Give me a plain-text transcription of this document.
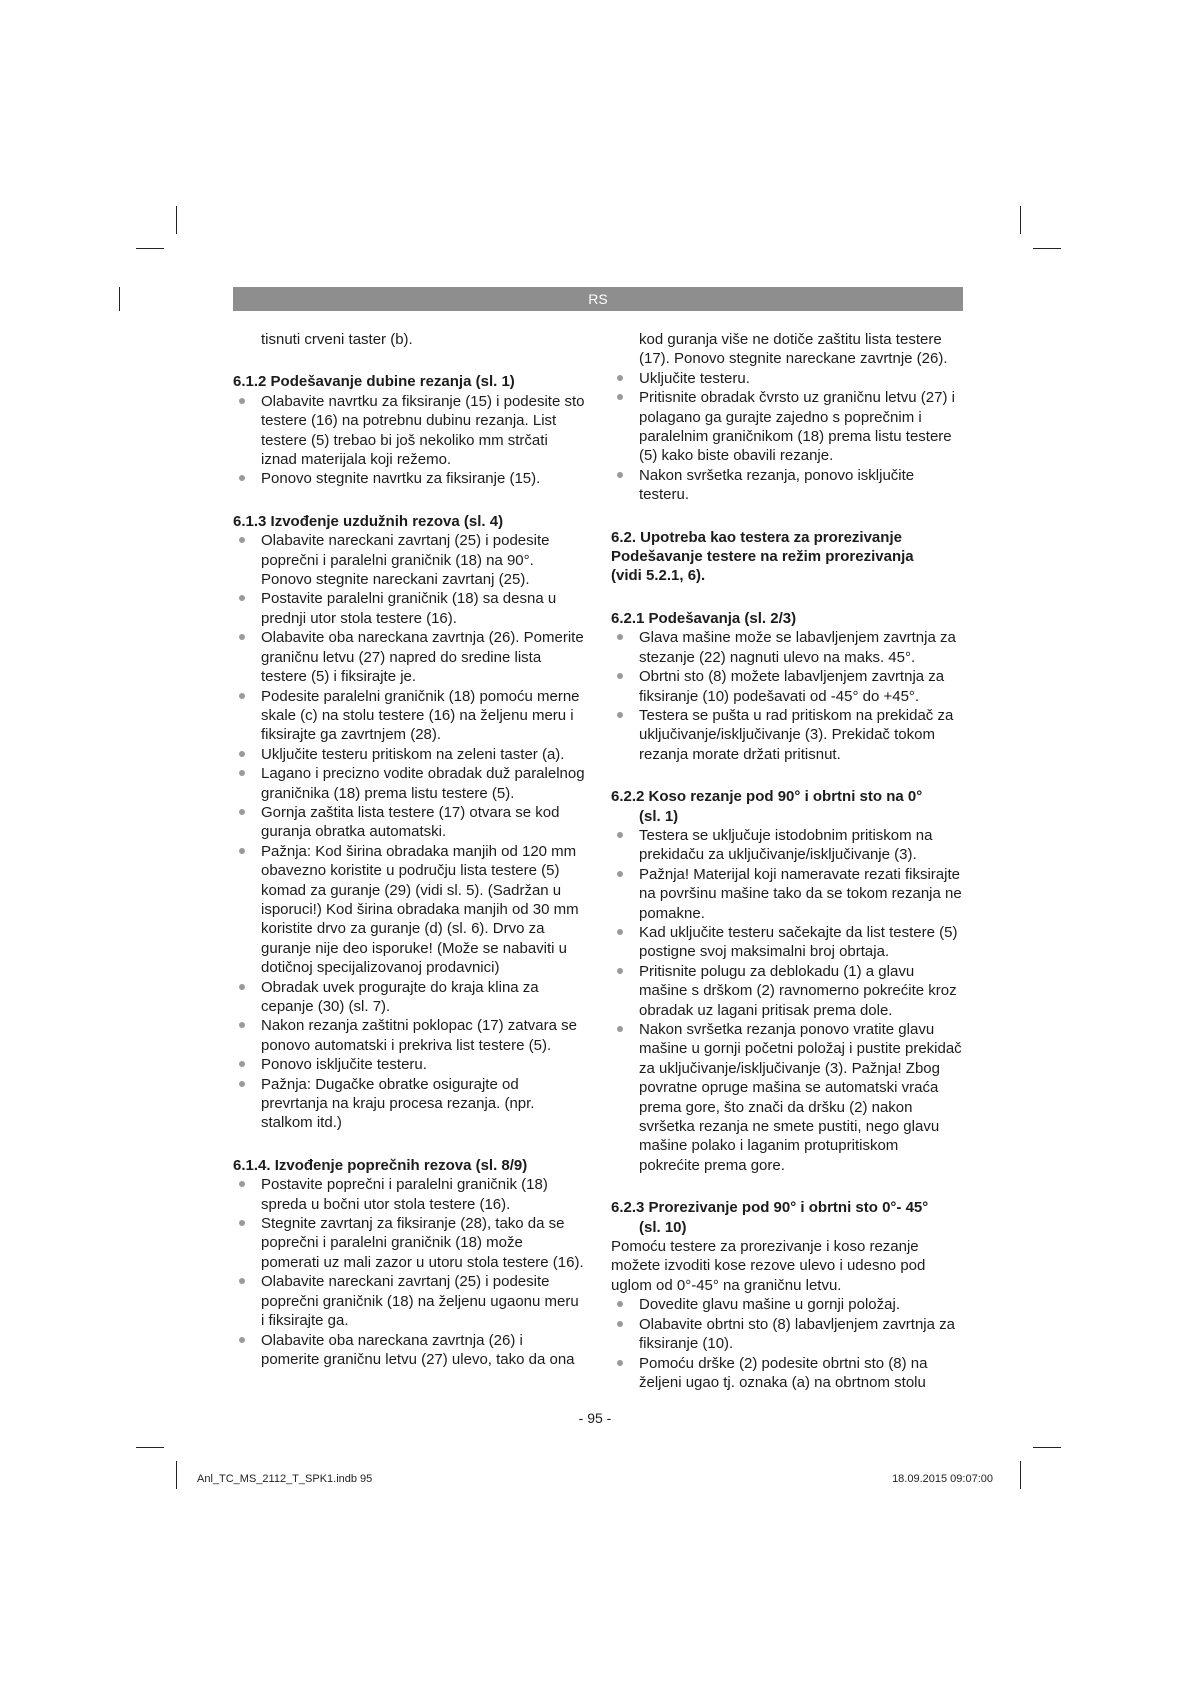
RS

tisnuti crveni taster (b).

6.1.2 Podešavanje dubine rezanja (sl. 1)

Olabavite navrtku za fiksiranje (15) i podesite sto testere (16) na potrebnu dubinu rezanja. List testere (5) trebao bi još nekoliko mm strčati iznad materijala koji režemo.
Ponovo stegnite navrtku za fiksiranje (15).

6.1.3 Izvođenje uzdužnih rezova (sl. 4)

Olabavite nareckani zavrtanj (25) i podesite poprečni i paralelni graničnik (18) na 90°. Ponovo stegnite nareckani zavrtanj (25).
Postavite paralelni graničnik (18) sa desna u prednji utor stola testere (16).
Olabavite oba nareckana zavrtnja (26). Pomerite graničnu letvu (27) napred do sredine lista testere (5) i fiksirajte je.
Podesite paralelni graničnik (18) pomoću merne skale (c) na stolu testere (16) na željenu meru i fiksirajte ga zavrtnjem (28).
Uključite testeru pritiskom na zeleni taster (a).
Lagano i precizno vodite obradak duž paralelnog graničnika (18) prema listu testere (5).
Gornja zaštita lista testere (17) otvara se kod guranja obratka automatski.
Pažnja: Kod širina obradaka manjih od 120 mm obavezno koristite u području lista testere (5) komad za guranje (29) (vidi sl. 5). (Sadržan u isporuci!) Kod širina obradaka manjih od 30 mm koristite drvo za guranje (d) (sl. 6). Drvo za guranje nije deo isporuke! (Može se nabaviti u dotičnoj specijalizovanoj prodavnici)
Obradak uvek progurajte do kraja klina za cepanje (30) (sl. 7).
Nakon rezanja zaštitni poklopac (17) zatvara se ponovo automatski i prekriva list testere (5).
Ponovo isključite testeru.
Pažnja: Dugačke obratke osigurajte od prevrtanja na kraju procesa rezanja. (npr. stalkom itd.)

6.1.4. Izvođenje poprečnih rezova (sl. 8/9)

Postavite poprečni i paralelni graničnik (18) spreda u bočni utor stola testere (16).
Stegnite zavrtanj za fiksiranje (28), tako da se poprečni i paralelni graničnik (18) može pomerati uz mali zazor u utoru stola testere (16).
Olabavite nareckani zavrtanj (25) i podesite poprečni graničnik (18) na željenu ugaonu meru i fiksirajte ga.
Olabavite oba nareckana zavrtnja (26) i pomerite graničnu letvu (27) ulevo, tako da ona

kod guranja više ne dotiče zaštitu lista testere (17). Ponovo stegnite nareckane zavrtnje (26).

Uključite testeru.
Pritisnite obradak čvrsto uz graničnu letvu (27) i polagano ga gurajte zajedno s poprečnim i paralelnim graničnikom (18) prema listu testere (5) kako biste obavili rezanje.
Nakon svršetka rezanja, ponovo isključite testeru.
6.2. Upotreba kao testera za prorezivanje
Podešavanje testere na režim prorezivanja
(vidi 5.2.1, 6).

6.2.1 Podešavanja (sl. 2/3)

Glava mašine može se labavljenjem zavrtnja za stezanje (22) nagnuti ulevo na maks. 45°.
Obrtni sto (8) možete labavljenjem zavrtnja za fiksiranje (10) podešavati od -45° do +45°.
Testera se pušta u rad pritiskom na prekidač za uključivanje/isključivanje (3). Prekidač tokom rezanja morate držati pritisnut.
6.2.2 Koso rezanje pod 90° i obrtni sto na 0°
(sl. 1)
Testera se uključuje istodobnim pritiskom na prekidaču za uključivanje/isključivanje (3).
Pažnja! Materijal koji nameravate rezati fiksirajte na površinu mašine tako da se tokom rezanja ne pomakne.
Kad uključite testeru sačekajte da list testere (5) postigne svoj maksimalni broj obrtaja.
Pritisnite polugu za deblokadu (1) a glavu mašine s drškom (2) ravnomerno pokrećite kroz obradak uz lagani pritisak prema dole.
Nakon svršetka rezanja ponovo vratite glavu mašine u gornji početni položaj i pustite prekidač za uključivanje/isključivanje (3). Pažnja! Zbog povratne opruge mašina se automatski vraća prema gore, što znači da dršku (2) nakon svršetka rezanja ne smete pustiti, nego glavu mašine polako i laganim protupritiskom pokrećite prema gore.
6.2.3 Prorezivanje pod 90° i obrtni sto 0°- 45°
(sl. 10)

Pomoću testere za prorezivanje i koso rezanje možete izvoditi kose rezove ulevo i udesno pod uglom od 0°-45° na graničnu letvu.

Dovedite glavu mašine u gornji položaj.
Olabavite obrtni sto (8) labavljenjem zavrtnja za fiksiranje (10).
Pomoću drške (2) podesite obrtni sto (8) na željeni ugao tj. oznaka (a) na obrtnom stolu
- 95 -
Anl_TC_MS_2112_T_SPK1.indb 95	18.09.2015 09:07:00
